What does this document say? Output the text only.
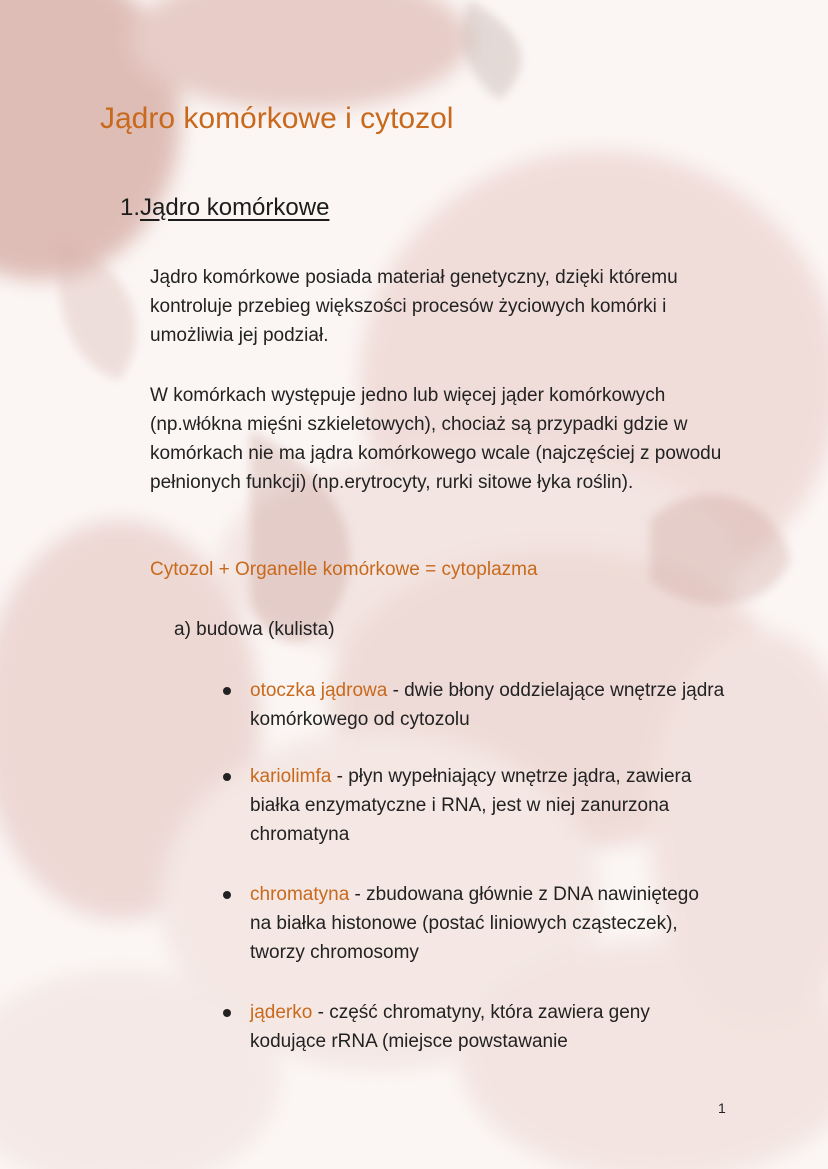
Jądro komórkowe i cytozol
1.Jądro komórkowe

Jądro komórkowe posiada materiał genetyczny, dzięki któremu kontroluje przebieg większości procesów życiowych komórki i umożliwia jej podział.

W komórkach występuje jedno lub więcej jąder komórkowych (np.włókna mięśni szkieletowych), chociaż są przypadki gdzie w komórkach nie ma jądra komórkowego wcale (najczęściej z powodu pełnionych funkcji) (np.erytrocyty, rurki sitowe łyka roślin).

Cytozol + Organelle komórkowe = cytoplazma
a) budowa (kulista)
otoczka jądrowa - dwie błony oddzielające wnętrze jądra komórkowego od cytozolu
kariolimfa - płyn wypełniający wnętrze jądra, zawiera białka enzymatyczne i RNA, jest w niej zanurzona chromatyna
chromatyna - zbudowana głównie z DNA nawiniętego na białka histonowe (postać liniowych cząsteczek), tworzy chromosomy
jąderko - część chromatyny, która zawiera geny kodujące rRNA (miejsce powstawanie
1
